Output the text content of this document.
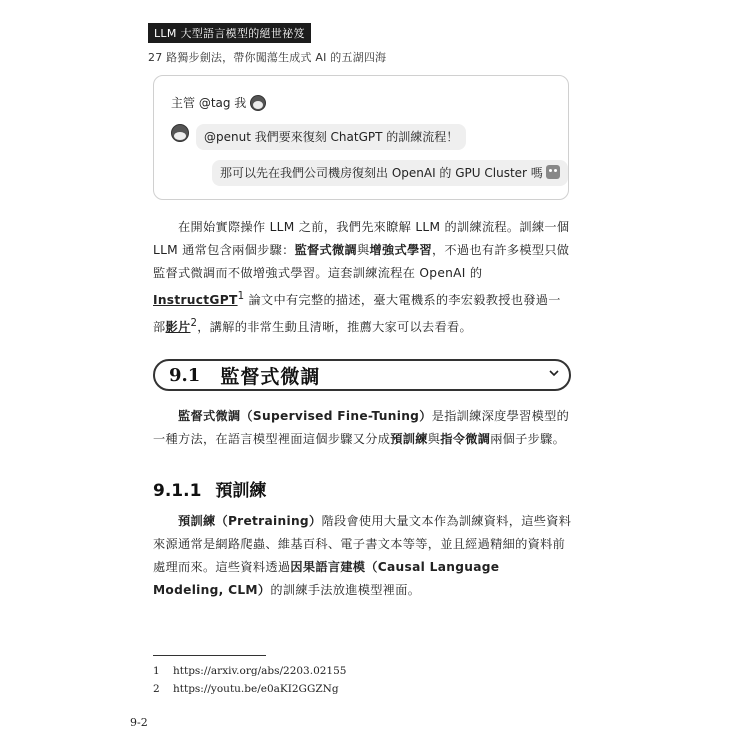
LLM 大型語言模型的絕世祕笈
27 路獨步劍法，帶你闖蕩生成式 AI 的五湖四海
主管 @tag 我
@penut 我們要來復刻 ChatGPT 的訓練流程！
那可以先在我們公司機房復刻出 OpenAI 的 GPU Cluster 嗎
在開始實際操作 LLM 之前，我們先來瞭解 LLM 的訓練流程。訓練一個 LLM 通常包含兩個步驟：監督式微調與增強式學習，不過也有許多模型只做監督式微調而不做增強式學習。這套訓練流程在 OpenAI 的 InstructGPT$^1$ 論文中有完整的描述，臺大電機系的李宏毅教授也發過一部影片$^2$，講解的非常生動且清晰，推薦大家可以去看看。
9.1 監督式微調
監督式微調（Supervised Fine-Tuning）是指訓練深度學習模型的一種方法，在語言模型裡面這個步驟又分成預訓練與指令微調兩個子步驟。
9.1.1 預訓練
預訓練（Pretraining）階段會使用大量文本作為訓練資料，這些資料來源通常是網路爬蟲、維基百科、電子書文本等等，並且經過精細的資料前處理而來。這些資料透過因果語言建模（Causal Language Modeling, CLM）的訓練手法放進模型裡面。
1 https://arxiv.org/abs/2203.02155
2 https://youtu.be/e0aKI2GGZNg
9-2
